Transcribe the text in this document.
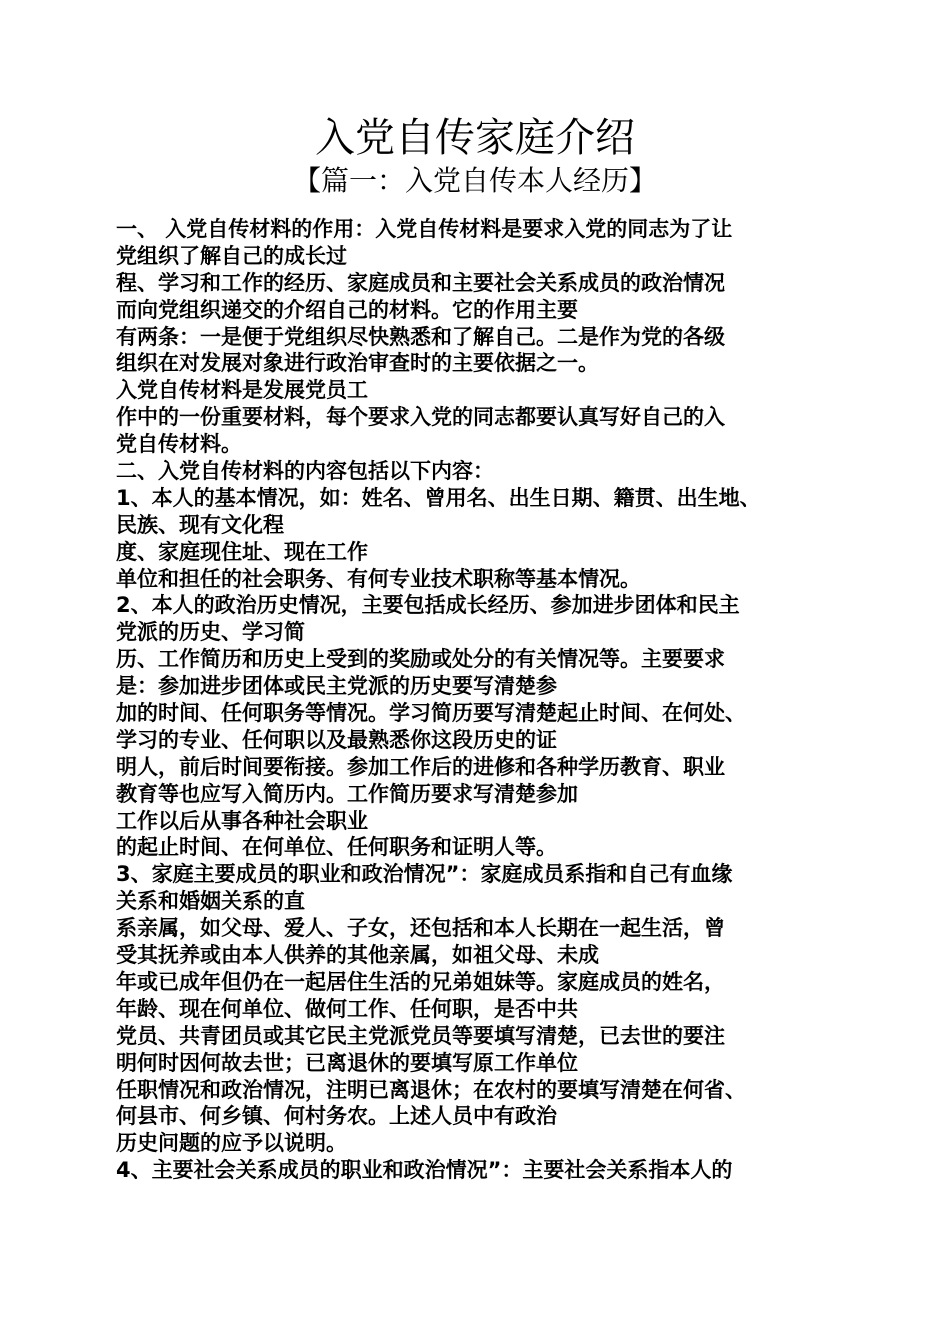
入党自传家庭介绍
【篇一：入党自传本人经历】
一、 入党自传材料的作用：入党自传材料是要求入党的同志为了让
党组织了解自己的成长过
程、学习和工作的经历、家庭成员和主要社会关系成员的政治情况
而向党组织递交的介绍自己的材料。它的作用主要
有两条：一是便于党组织尽快熟悉和了解自己。二是作为党的各级
组织在对发展对象进行政治审查时的主要依据之一。
入党自传材料是发展党员工
作中的一份重要材料，每个要求入党的同志都要认真写好自己的入
党自传材料。
二、入党自传材料的内容包括以下内容：
1、本人的基本情况，如：姓名、曾用名、出生日期、籍贯、出生地、
民族、现有文化程
度、家庭现住址、现在工作
单位和担任的社会职务、有何专业技术职称等基本情况。
2、本人的政治历史情况，主要包括成长经历、参加进步团体和民主
党派的历史、学习简
历、工作简历和历史上受到的奖励或处分的有关情况等。主要要求
是：参加进步团体或民主党派的历史要写清楚参
加的时间、任何职务等情况。学习简历要写清楚起止时间、在何处、
学习的专业、任何职以及最熟悉你这段历史的证
明人，前后时间要衔接。参加工作后的进修和各种学历教育、职业
教育等也应写入简历内。工作简历要求写清楚参加
工作以后从事各种社会职业
的起止时间、在何单位、任何职务和证明人等。
3、家庭主要成员的职业和政治情况”：家庭成员系指和自己有血缘
关系和婚姻关系的直
系亲属，如父母、爱人、子女，还包括和本人长期在一起生活，曾
受其抚养或由本人供养的其他亲属，如祖父母、未成
年或已成年但仍在一起居住生活的兄弟姐妹等。家庭成员的姓名，
年龄、现在何单位、做何工作、任何职，是否中共
党员、共青团员或其它民主党派党员等要填写清楚，已去世的要注
明何时因何故去世；已离退休的要填写原工作单位
任职情况和政治情况，注明已离退休；在农村的要填写清楚在何省、
何县市、何乡镇、何村务农。上述人员中有政治
历史问题的应予以说明。
4、主要社会关系成员的职业和政治情况”：主要社会关系指本人的
